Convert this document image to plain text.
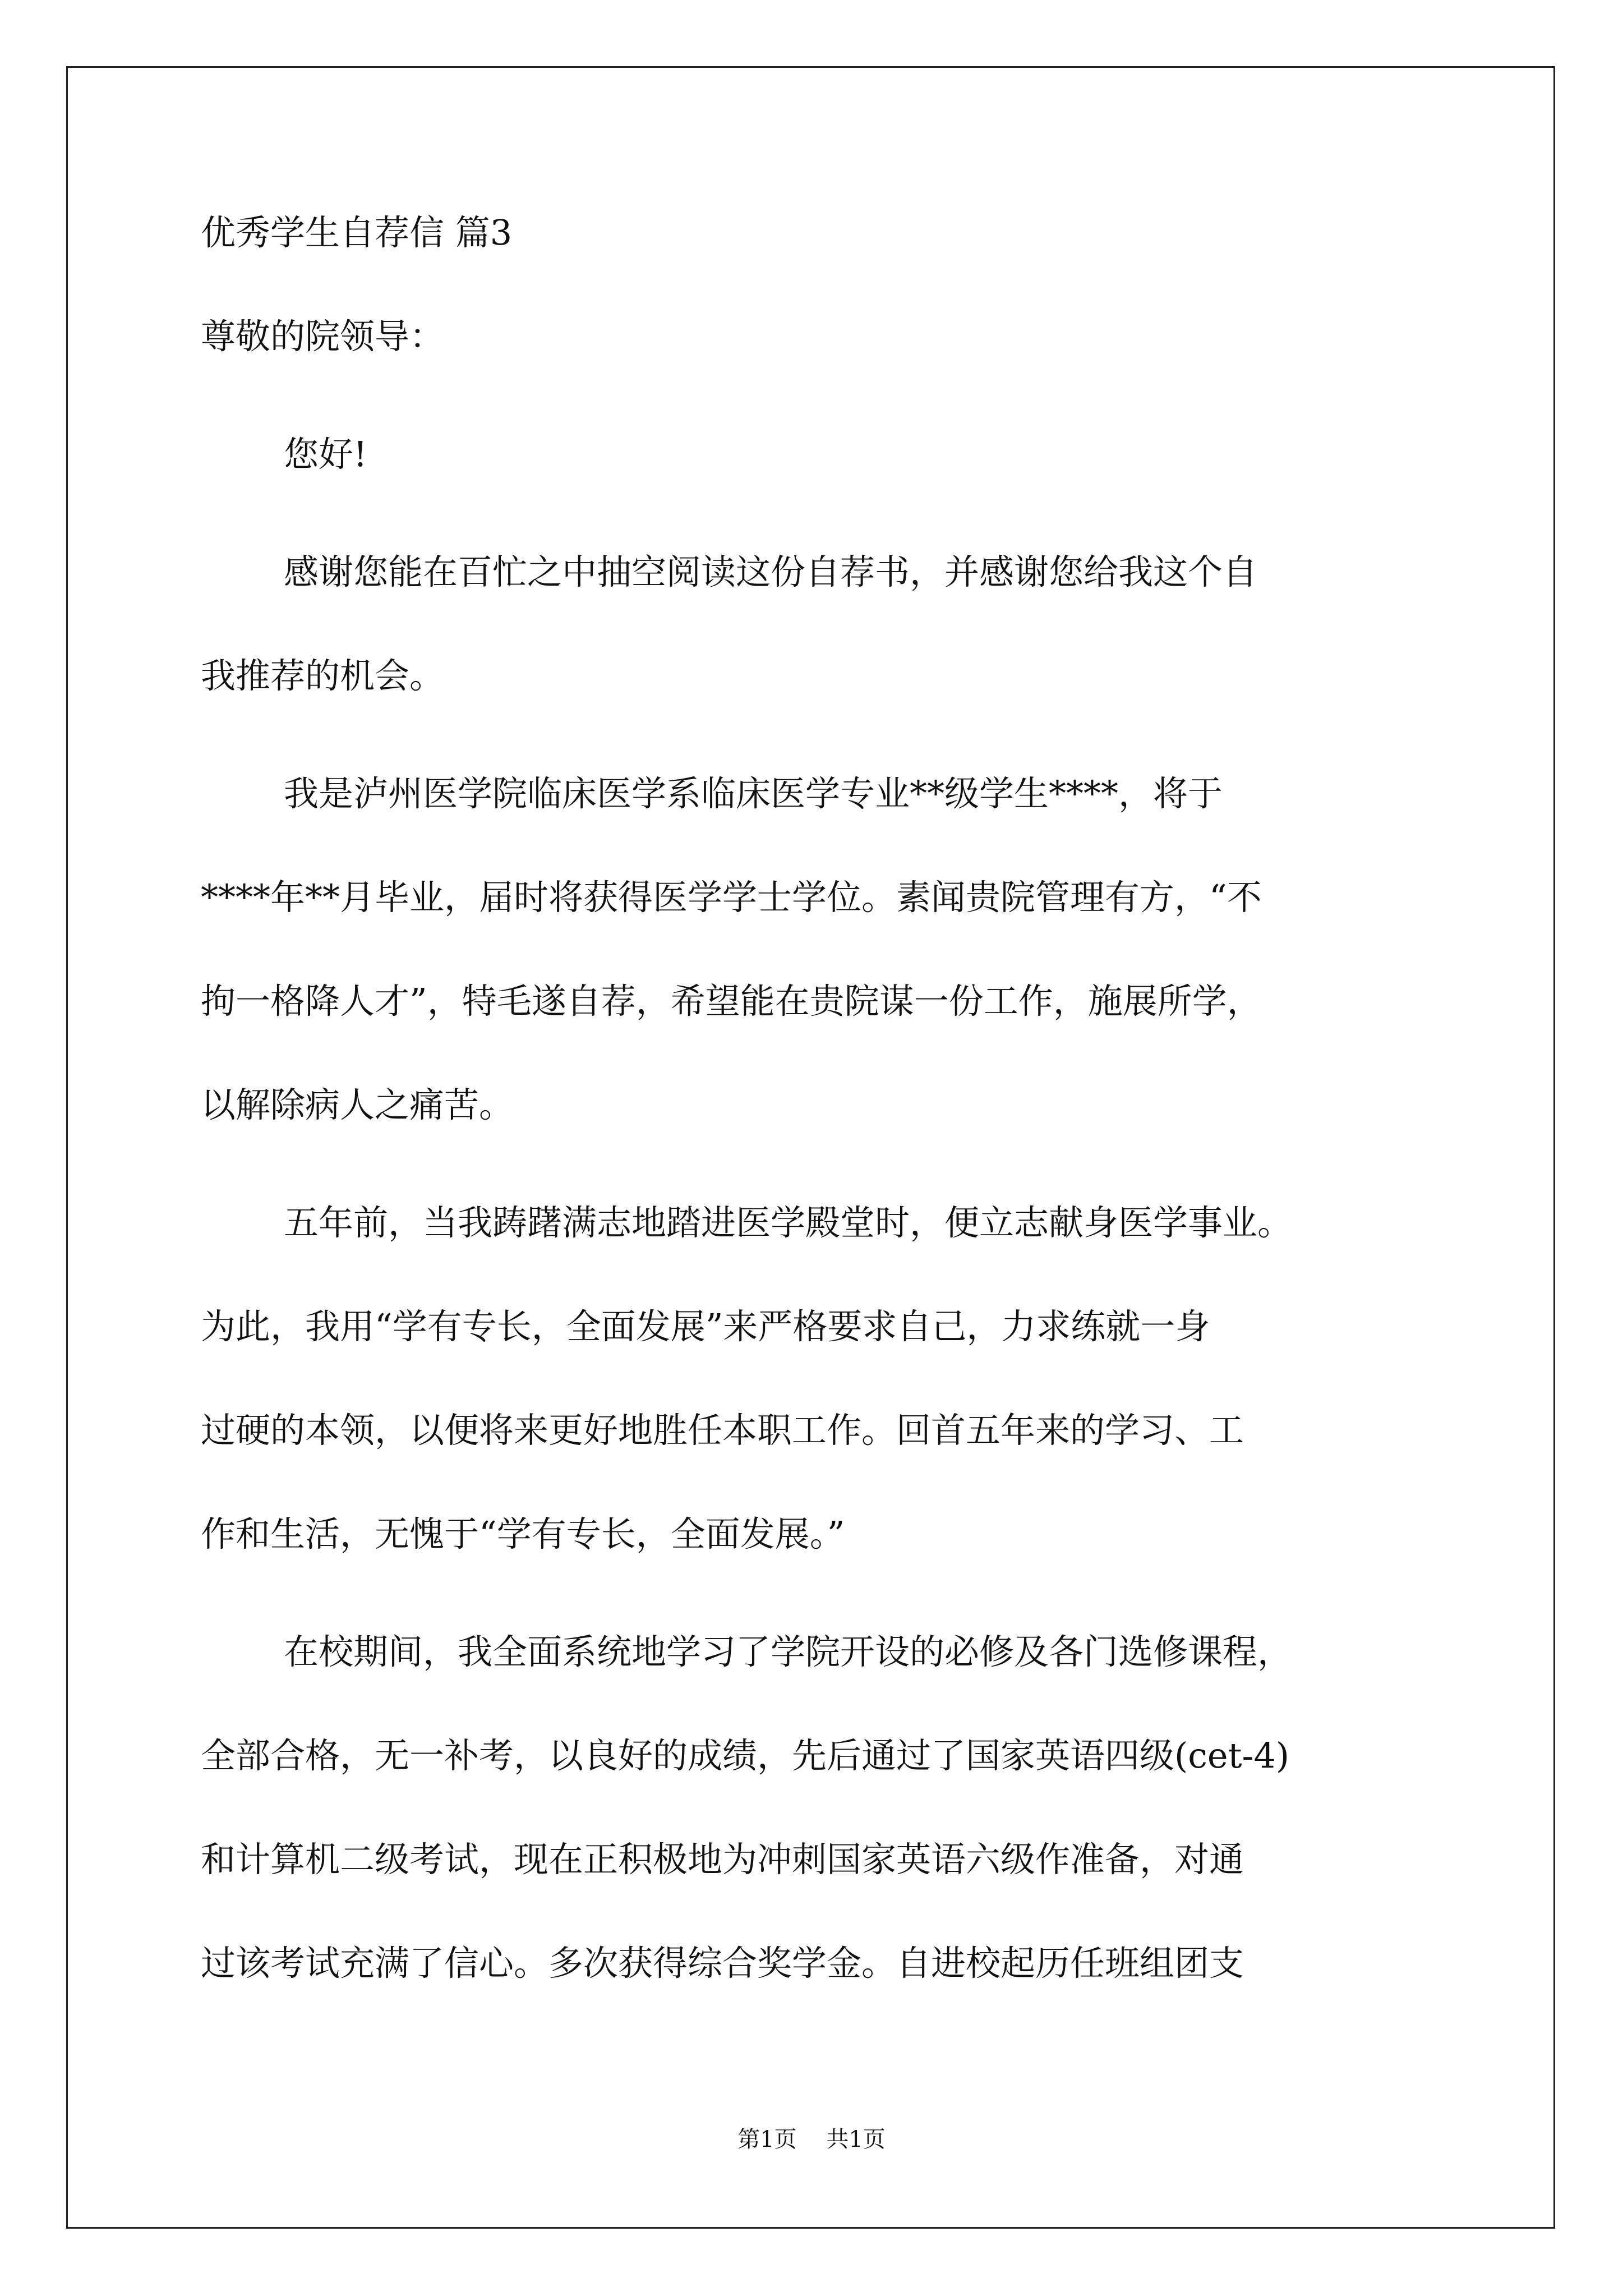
优秀学生自荐信 篇3
尊敬的院领导：
您好!
感谢您能在百忙之中抽空阅读这份自荐书，并感谢您给我这个自
我推荐的机会。
我是泸州医学院临床医学系临床医学专业**级学生****，将于
****年**月毕业，届时将获得医学学士学位。素闻贵院管理有方，“不
拘一格降人才”，特毛遂自荐，希望能在贵院谋一份工作，施展所学，
以解除病人之痛苦。
五年前，当我踌躇满志地踏进医学殿堂时，便立志献身医学事业。
为此，我用“学有专长，全面发展”来严格要求自己，力求练就一身
过硬的本领，以便将来更好地胜任本职工作。回首五年来的学习、工
作和生活，无愧于“学有专长，全面发展。”
在校期间，我全面系统地学习了学院开设的必修及各门选修课程，
全部合格，无一补考，以良好的成绩，先后通过了国家英语四级(cet-4)
和计算机二级考试，现在正积极地为冲刺国家英语六级作准备，对通
过该考试充满了信心。多次获得综合奖学金。自进校起历任班组团支
第1页 共1页
